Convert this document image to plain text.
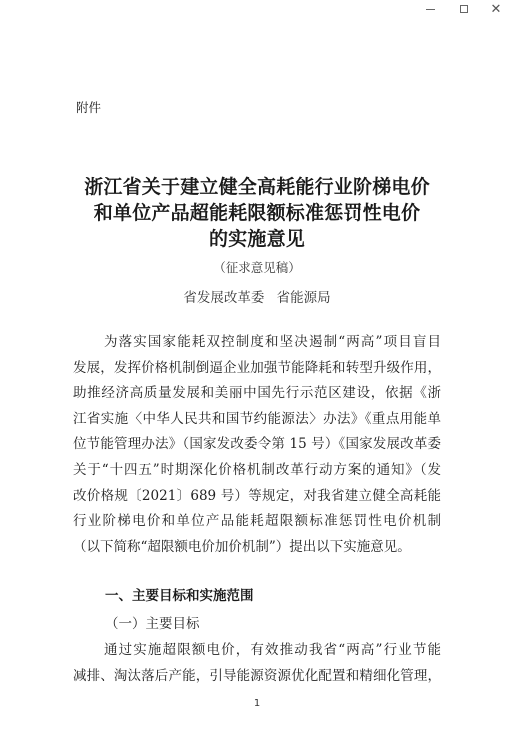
✕
附件
浙江省关于建立健全高耗能行业阶梯电价
和单位产品超能耗限额标准惩罚性电价
的实施意见
（征求意见稿）
省发展改革委 省能源局
为落实国家能耗双控制度和坚决遏制“两高”项目盲目
发展，发挥价格机制倒逼企业加强节能降耗和转型升级作用，
助推经济高质量发展和美丽中国先行示范区建设，依据《浙
江省实施〈中华人民共和国节约能源法〉办法》《重点用能单
位节能管理办法》（国家发改委令第 15 号）《国家发展改革委
关于“十四五”时期深化价格机制改革行动方案的通知》（发
改价格规〔2021〕689 号）等规定，对我省建立健全高耗能
行业阶梯电价和单位产品能耗超限额标准惩罚性电价机制
（以下简称“超限额电价加价机制”）提出以下实施意见。
一、主要目标和实施范围
（一）主要目标
通过实施超限额电价，有效推动我省“两高”行业节能
减排、淘汰落后产能，引导能源资源优化配置和精细化管理，
1
